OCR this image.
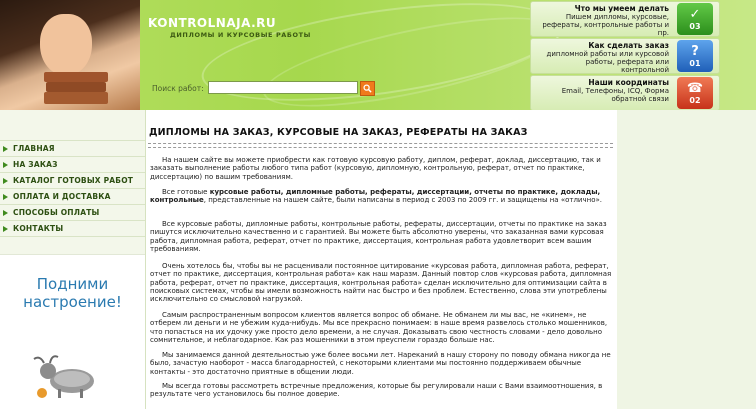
KONTROLNAJA.RU
ДИПЛОМЫ И КУРСОВЫЕ РАБОТЫ
Поиск работ:
Что мы умеем делать
Пишем дипломы, курсовые, рефераты, контрольные работы и пр.
✓
03
Как сделать заказ
дипломной работы или курсовой работы, реферата или контрольной
?
01
Наши координаты
Email, Телефоны, ICQ, Форма обратной связи
☎
02
ГЛАВНАЯ
НА ЗАКАЗ
КАТАЛОГ ГОТОВЫХ РАБОТ
ОПЛАТА И ДОСТАВКА
СПОСОБЫ ОПЛАТЫ
КОНТАКТЫ
Подними
настроение!
ДИПЛОМЫ НА ЗАКАЗ, КУРСОВЫЕ НА ЗАКАЗ, РЕФЕРАТЫ НА ЗАКАЗ
На нашем сайте вы можете приобрести как готовую курсовую работу, диплом, реферат, доклад, диссертацию, так и заказать выполнение работы любого типа работ (курсовую, дипломную, контрольную, реферат, отчет по практике, диссертацию) по вашим требованиям.
Все готовые курсовые работы, дипломные работы, рефераты, диссертации, отчеты по практике, доклады, контрольные, представленные на нашем сайте, были написаны в период с 2003 по 2009 гг. и защищены на «отлично».
Все курсовые работы, дипломные работы, контрольные работы, рефераты, диссертации, отчеты по практике на заказ пишутся исключительно качественно и с гарантией. Вы можете быть абсолютно уверены, что заказанная вами курсовая работа, дипломная работа, реферат, отчет по практике, диссертация, контрольная работа удовлетворит всем вашим требованиям.
Очень хотелось бы, чтобы вы не расценивали постоянное цитирование «курсовая работа, дипломная работа, реферат, отчет по практике, диссертация, контрольная работа» как наш маразм. Данный повтор слов «курсовая работа, дипломная работа, реферат, отчет по практике, диссертация, контрольная работа» сделан исключительно для оптимизации сайта в поисковых системах, чтобы вы имели возможность найти нас быстро и без проблем. Естественно, слова эти употреблены исключительно со смысловой нагрузкой.
Самым распространенным вопросом клиентов является вопрос об обмане. Не обманем ли мы вас, не «кинем», не отберем ли деньги и не убежим куда-нибудь. Мы все прекрасно понимаем: в наше время развелось столько мошенников, что попасться на их удочку уже просто дело времени, а не случая. Доказывать свою честность словами - дело довольно сомнительное, и неблагодарное. Как раз мошенники в этом преуспели гораздо больше нас.
Мы занимаемся данной деятельностью уже более восьми лет. Нареканий в нашу сторону по поводу обмана никогда не было, зачастую наоборот - масса благодарностей, с некоторыми клиентами мы постоянно поддерживаем обычные контакты - это достаточно приятные в общении люди.
Мы всегда готовы рассмотреть встречные предложения, которые бы регулировали наши с Вами взаимоотношения, в результате чего установилось бы полное доверие.
